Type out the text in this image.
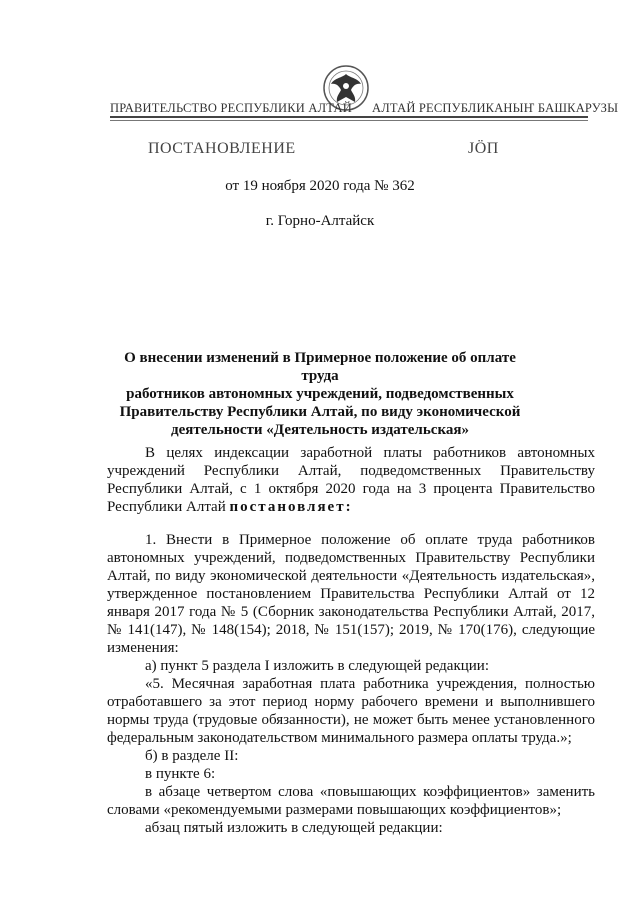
ПРАВИТЕЛЬСТВО РЕСПУБЛИКИ АЛТАЙ АЛТАЙ РЕСПУБЛИКАНЫҤ БАШКАРУЗЫ
ПОСТАНОВЛЕНИЕ	ЈӦП
от 19 ноября 2020 года № 362
г. Горно-Алтайск
О внесении изменений в Примерное положение об оплате труда
работников автономных учреждений, подведомственных
Правительству Республики Алтай, по виду экономической
деятельности «Деятельность издательская»
В целях индексации заработной платы работников автономных учреждений Республики Алтай, подведомственных Правительству Республики Алтай, с 1 октября 2020 года на 3 процента Правительство Республики Алтай постановляет:

1. Внести в Примерное положение об оплате труда работников автономных учреждений, подведомственных Правительству Республики Алтай, по виду экономической деятельности «Деятельность издательская», утвержденное постановлением Правительства Республики Алтай от 12 января 2017 года № 5 (Сборник законодательства Республики Алтай, 2017, № 141(147), № 148(154); 2018, № 151(157); 2019, № 170(176), следующие изменения:

а) пункт 5 раздела I изложить в следующей редакции:

«5. Месячная заработная плата работника учреждения, полностью отработавшего за этот период норму рабочего времени и выполнившего нормы труда (трудовые обязанности), не может быть менее установленного федеральным законодательством минимального размера оплаты труда.»;

б) в разделе II:

в пункте 6:

в абзаце четвертом слова «повышающих коэффициентов» заменить словами «рекомендуемыми размерами повышающих коэффициентов»;

абзац пятый изложить в следующей редакции:
